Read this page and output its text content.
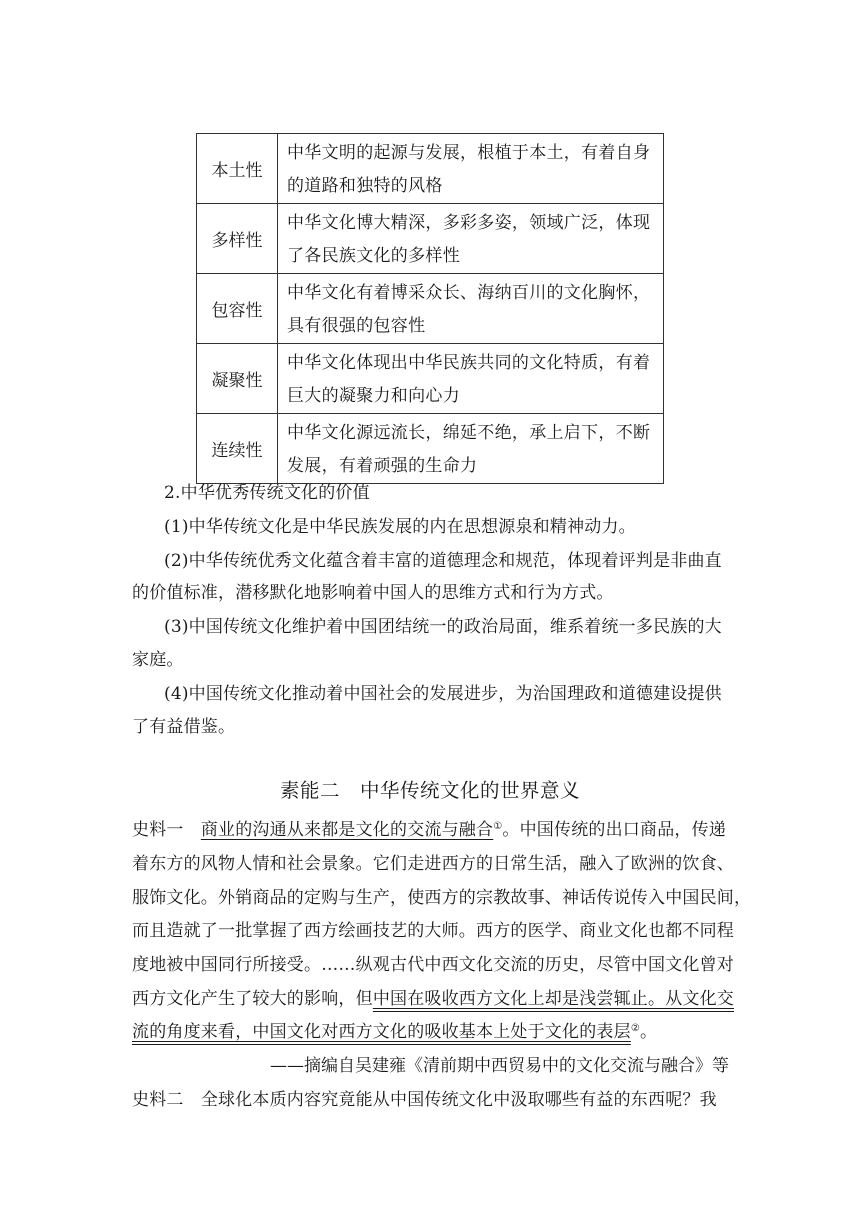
本土性	中华文明的起源与发展，根植于本土，有着自身
的道路和独特的风格

多样性	中华文化博大精深，多彩多姿，领域广泛，体现
了各民族文化的多样性

包容性	中华文化有着博采众长、海纳百川的文化胸怀，
具有很强的包容性

凝聚性	中华文化体现出中华民族共同的文化特质，有着
巨大的凝聚力和向心力

连续性	中华文化源远流长，绵延不绝，承上启下，不断
发展，有着顽强的生命力
2.中华优秀传统文化的价值
(1)中华传统文化是中华民族发展的内在思想源泉和精神动力。
(2)中华传统优秀文化蕴含着丰富的道德理念和规范，体现着评判是非曲直
的价值标准，潜移默化地影响着中国人的思维方式和行为方式。
(3)中国传统文化维护着中国团结统一的政治局面，维系着统一多民族的大
家庭。
(4)中国传统文化推动着中国社会的发展进步，为治国理政和道德建设提供
了有益借鉴。
素能二　中华传统文化的世界意义
史料一  商业的沟通从来都是文化的交流与融合①。中国传统的出口商品，传递
着东方的风物人情和社会景象。它们走进西方的日常生活，融入了欧洲的饮食、
服饰文化。外销商品的定购与生产，使西方的宗教故事、神话传说传入中国民间，
而且造就了一批掌握了西方绘画技艺的大师。西方的医学、商业文化也都不同程
度地被中国同行所接受。……纵观古代中西文化交流的历史，尽管中国文化曾对
西方文化产生了较大的影响，但中国在吸收西方文化上却是浅尝辄止。从文化交
流的角度来看，中国文化对西方文化的吸收基本上处于文化的表层②。
——摘编自吴建雍《清前期中西贸易中的文化交流与融合》等
史料二  全球化本质内容究竟能从中国传统文化中汲取哪些有益的东西呢？我
